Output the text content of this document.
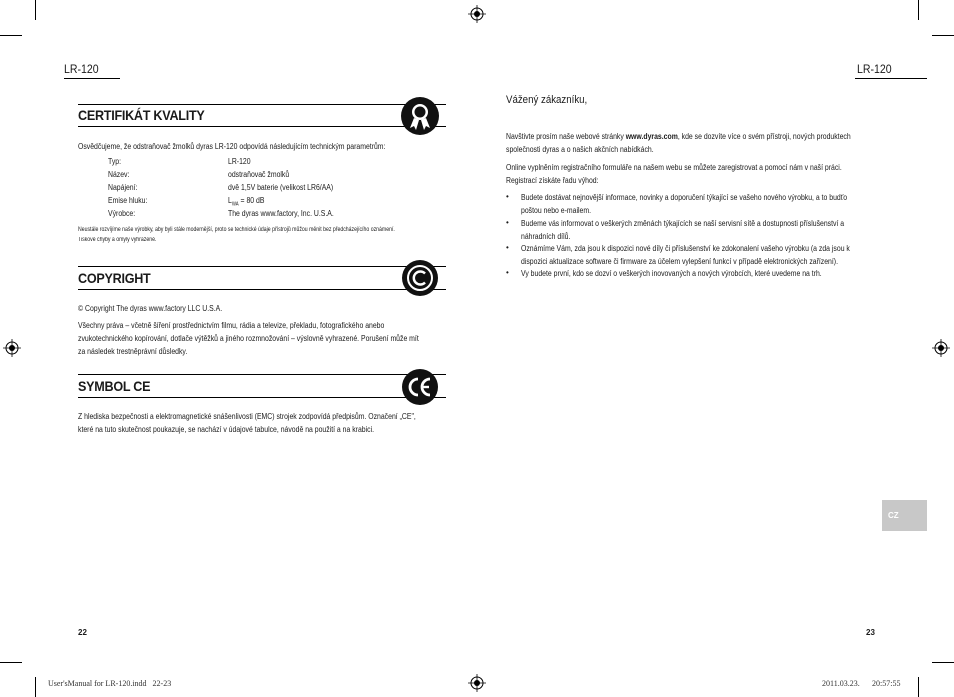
LR-120
CERTIFIKÁT KVALITY
Osvědčujeme, že odstraňovač žmolků dyras LR-120 odpovídá následujícím technickým parametrům:
Typ:	LR-120
Název:	odstraňovač žmolků
Napájení:	dvě 1,5V baterie (velikost LR6/AA)
Emise hluku:	$L_{WA} = 80$ dB
Výrobce:	The dyras www.factory, Inc. U.S.A.
Neustále rozvíjíme naše výrobky, aby byli stále modernější, proto se technické údaje přístrojů můžou měnit bez předcházejícího oznámení.
Tiskové chyby a omyly vyhrazené.
COPYRIGHT
© Copyright The dyras www.factory LLC U.S.A.
Všechny práva – včetně šíření prostřednictvím filmu, rádia a televize, překladu, fotografického anebo
zvukotechnického kopírování, dotlače výtěžků a jiného rozmnožování – výslovně vyhrazené. Porušení může mít
za následek trestněprávní důsledky.
SYMBOL CE
Z hlediska bezpečnosti a elektromagnetické snášenlivosti (EMC) strojek zodpovídá předpisům. Označení „CE",
které na tuto skutečnost poukazuje, se nachází v údajové tabulce, návodě na použití a na krabici.
22
LR-120
Vážený zákazníku,
Navštivte prosím naše webové stránky www.dyras.com, kde se dozvíte více o svém přístroji, nových produktech
společnosti dyras a o našich akčních nabídkách.
Online vyplněním registračního formuláře na našem webu se můžete zaregistrovat a pomocí nám v naší práci.
Registrací získáte řadu výhod:
• Budete dostávat nejnovější informace, novinky a doporučení týkající se vašeho nového výrobku, a to budťo
poštou nebo e-mailem.
• Budeme vás informovat o veškerých změnách týkajících se naší servisní sítě a dostupnosti příslušenství a
náhradních dílů.
• Oznámíme Vám, zda jsou k dispozici nové díly či příslušenství ke zdokonalení vašeho výrobku (a zda jsou k
dispozici aktualizace software či firmware za účelem vylepšení funkcí v případě elektronických zařízení).
• Vy budete první, kdo se dozví o veškerých inovovaných a nových výrobcích, které uvedeme na trh.
CZ
23
User'sManual for LR-120.indd   22-23	2011.03.23. 20:57:55
